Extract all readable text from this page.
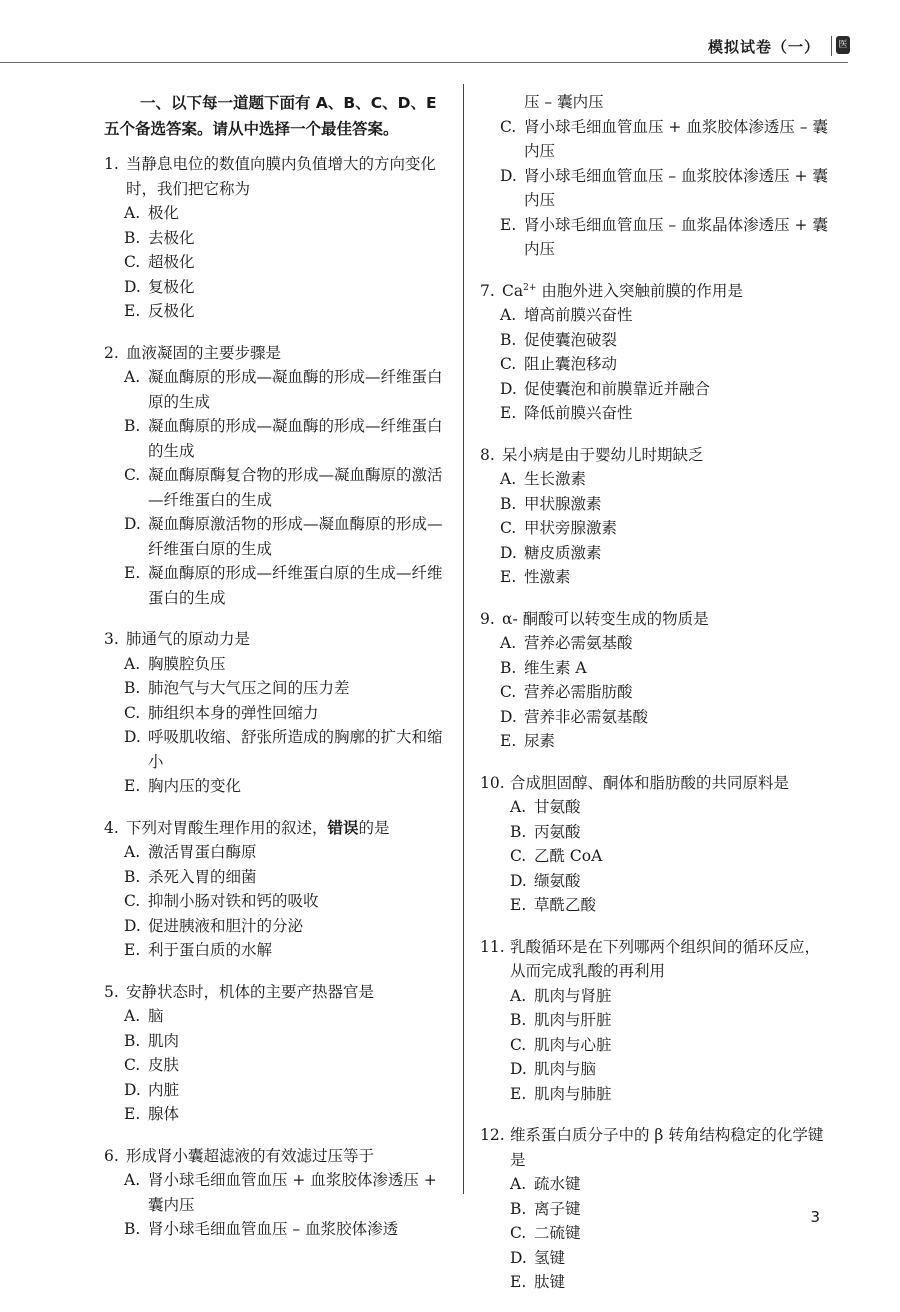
模拟试卷（一） 医
一、以下每一道题下面有 A、B、C、D、E 五个备选答案。请从中选择一个最佳答案。
1. 当静息电位的数值向膜内负值增大的方向变化时，我们把它称为
A. 极化
B. 去极化
C. 超极化
D. 复极化
E. 反极化
2. 血液凝固的主要步骤是
A. 凝血酶原的形成—凝血酶的形成—纤维蛋白原的生成
B. 凝血酶原的形成—凝血酶的形成—纤维蛋白的生成
C. 凝血酶原酶复合物的形成—凝血酶原的激活—纤维蛋白的生成
D. 凝血酶原激活物的形成—凝血酶原的形成—纤维蛋白原的生成
E. 凝血酶原的形成—纤维蛋白原的生成—纤维蛋白的生成
3. 肺通气的原动力是
A. 胸膜腔负压
B. 肺泡气与大气压之间的压力差
C. 肺组织本身的弹性回缩力
D. 呼吸肌收缩、舒张所造成的胸廓的扩大和缩小
E. 胸内压的变化
4. 下列对胃酸生理作用的叙述，错误的是
A. 激活胃蛋白酶原
B. 杀死入胃的细菌
C. 抑制小肠对铁和钙的吸收
D. 促进胰液和胆汁的分泌
E. 利于蛋白质的水解
5. 安静状态时，机体的主要产热器官是
A. 脑
B. 肌肉
C. 皮肤
D. 内脏
E. 腺体
6. 形成肾小囊超滤液的有效滤过压等于
A. 肾小球毛细血管血压 + 血浆胶体渗透压 + 囊内压
B. 肾小球毛细血管血压 – 血浆胶体渗透
压 – 囊内压
C. 肾小球毛细血管血压 + 血浆胶体渗透压 – 囊内压
D. 肾小球毛细血管血压 – 血浆胶体渗透压 + 囊内压
E. 肾小球毛细血管血压 – 血浆晶体渗透压 + 囊内压
7. $Ca^{2+}$ 由胞外进入突触前膜的作用是
A. 增高前膜兴奋性
B. 促使囊泡破裂
C. 阻止囊泡移动
D. 促使囊泡和前膜靠近并融合
E. 降低前膜兴奋性
8. 呆小病是由于婴幼儿时期缺乏
A. 生长激素
B. 甲状腺激素
C. 甲状旁腺激素
D. 糖皮质激素
E. 性激素
9. α- 酮酸可以转变生成的物质是
A. 营养必需氨基酸
B. 维生素 A
C. 营养必需脂肪酸
D. 营养非必需氨基酸
E. 尿素
10. 合成胆固醇、酮体和脂肪酸的共同原料是
A. 甘氨酸
B. 丙氨酸
C. 乙酰 CoA
D. 缬氨酸
E. 草酰乙酸
11. 乳酸循环是在下列哪两个组织间的循环反应，从而完成乳酸的再利用
A. 肌肉与肾脏
B. 肌肉与肝脏
C. 肌肉与心脏
D. 肌肉与脑
E. 肌肉与肺脏
12. 维系蛋白质分子中的 β 转角结构稳定的化学键是
A. 疏水键
B. 离子键
C. 二硫键
D. 氢键
E. 肽键
3
